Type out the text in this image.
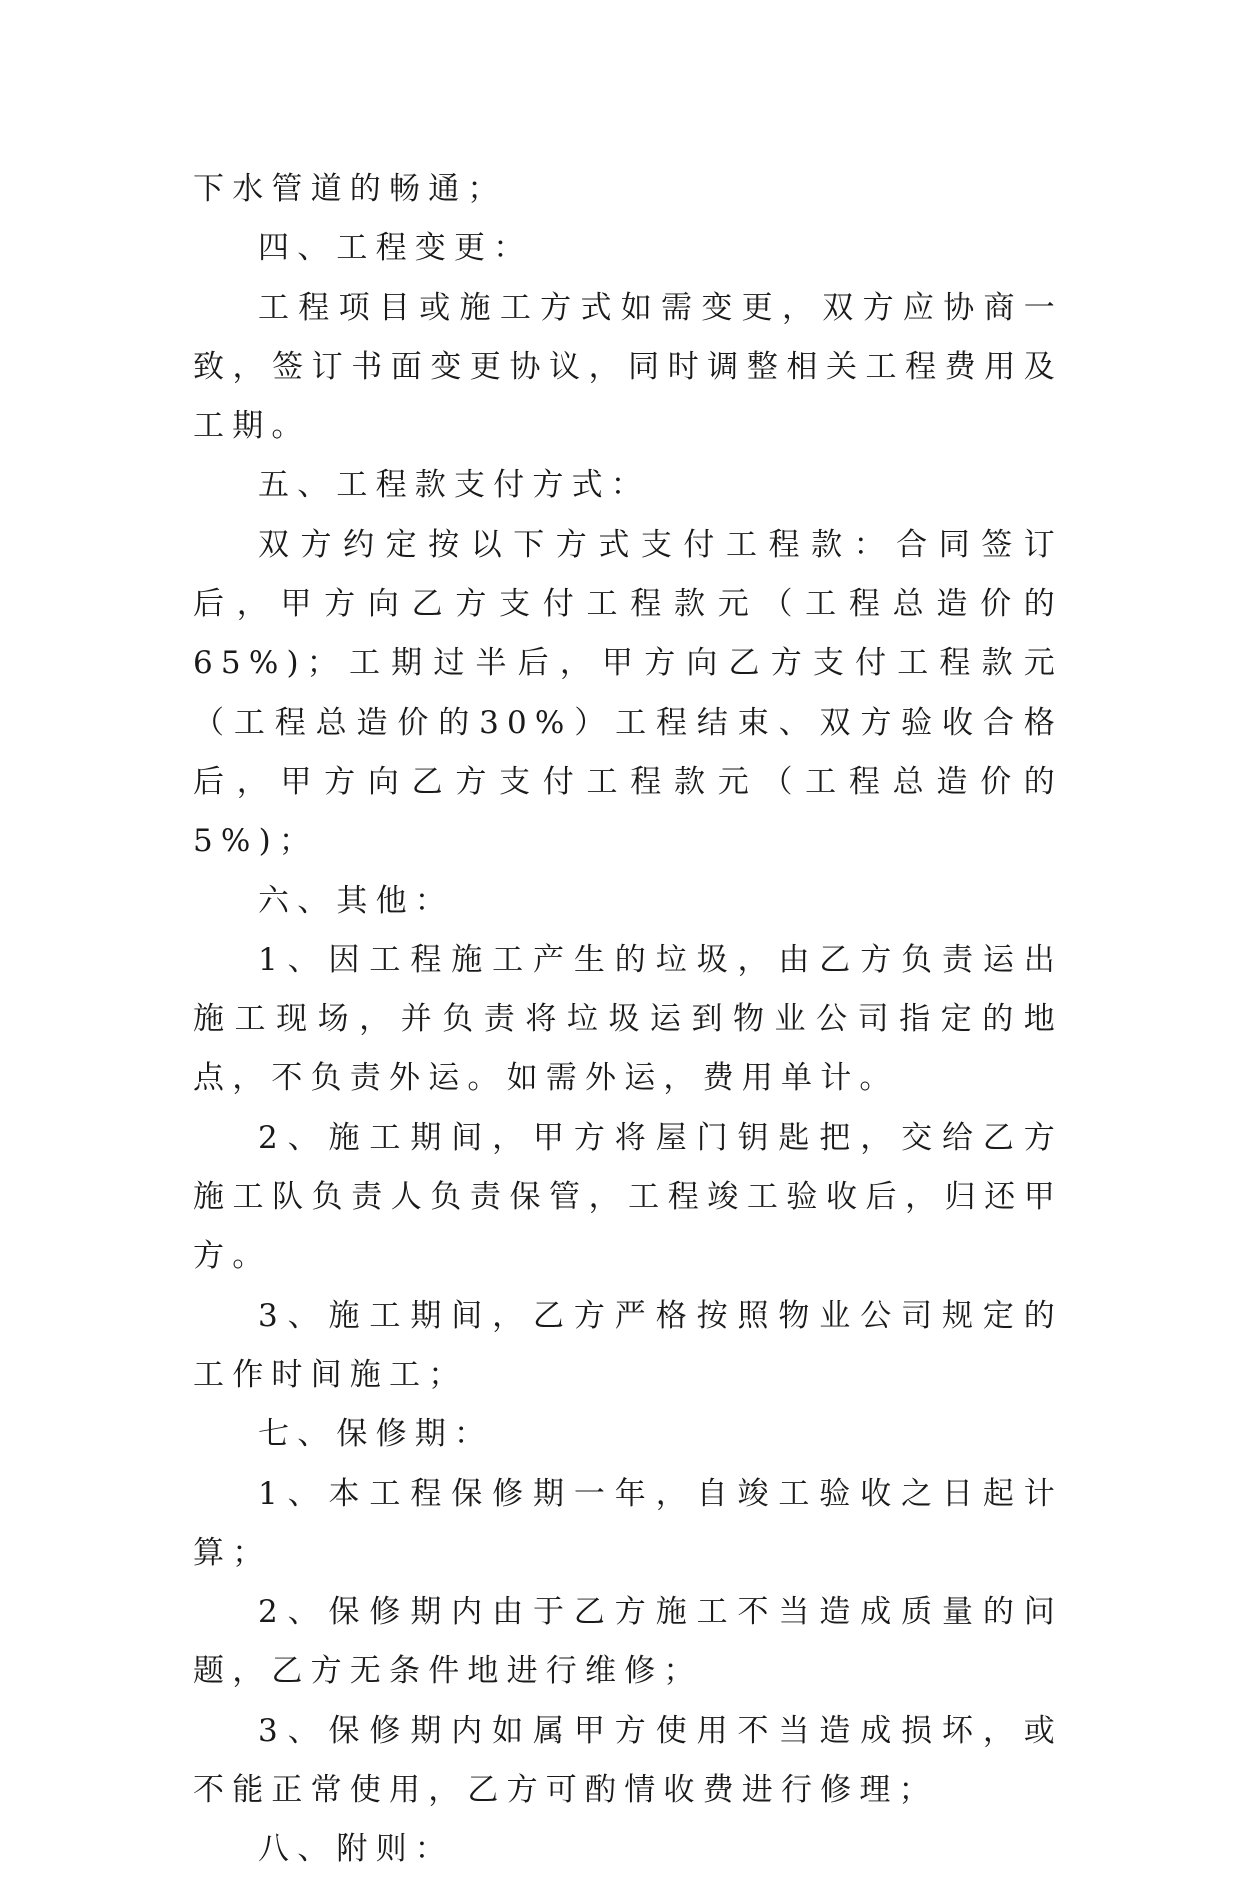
下水管道的畅通；

四、工程变更：

工程项目或施工方式如需变更，双方应协商一致，签订书面变更协议，同时调整相关工程费用及工期。

五、工程款支付方式：

双方约定按以下方式支付工程款：合同签订后，甲方向乙方支付工程款元（工程总造价的65%)；工期过半后，甲方向乙方支付工程款元（工程总造价的30%）工程结束、双方验收合格后，甲方向乙方支付工程款元（工程总造价的5%)；

六、其他：

1、因工程施工产生的垃圾，由乙方负责运出施工现场，并负责将垃圾运到物业公司指定的地点，不负责外运。如需外运，费用单计。

2、施工期间，甲方将屋门钥匙把，交给乙方施工队负责人负责保管，工程竣工验收后，归还甲方。

3、施工期间，乙方严格按照物业公司规定的工作时间施工；

七、保修期：

1、本工程保修期一年，自竣工验收之日起计算；

2、保修期内由于乙方施工不当造成质量的问题，乙方无条件地进行维修；

3、保修期内如属甲方使用不当造成损坏，或不能正常使用，乙方可酌情收费进行修理；

八、附则：
